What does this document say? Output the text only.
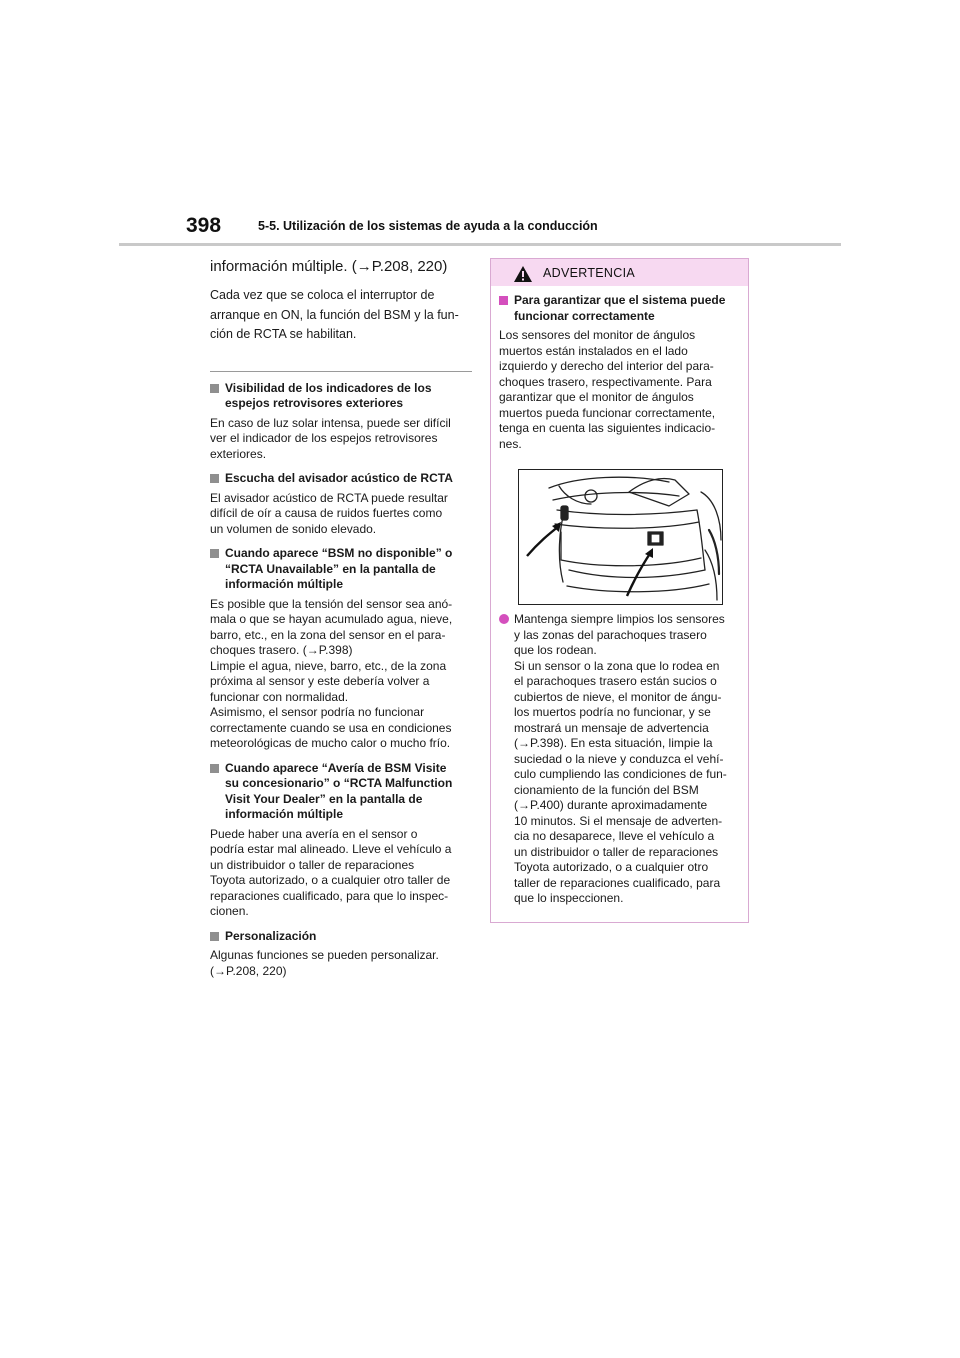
398	5-5. Utilización de los sistemas de ayuda a la conducción

información múltiple. (→P.208, 220)

Cada vez que se coloca el interruptor de
arranque en ON, la función del BSM y la fun-
ción de RCTA se habilitan.

Visibilidad de los indicadores de los
espejos retrovisores exteriores

En caso de luz solar intensa, puede ser difícil
ver el indicador de los espejos retrovisores
exteriores.

Escucha del avisador acústico de RCTA

El avisador acústico de RCTA puede resultar
difícil de oír a causa de ruidos fuertes como
un volumen de sonido elevado.

Cuando aparece “BSM no disponible” o
“RCTA Unavailable” en la pantalla de
información múltiple

Es posible que la tensión del sensor sea anó-
mala o que se hayan acumulado agua, nieve,
barro, etc., en la zona del sensor en el para-
choques trasero. (→P.398)
Limpie el agua, nieve, barro, etc., de la zona
próxima al sensor y este debería volver a
funcionar con normalidad.
Asimismo, el sensor podría no funcionar
correctamente cuando se usa en condiciones
meteorológicas de mucho calor o mucho frío.

Cuando aparece “Avería de BSM Visite
su concesionario” o “RCTA Malfunction
Visit Your Dealer” en la pantalla de
información múltiple

Puede haber una avería en el sensor o
podría estar mal alineado. Lleve el vehículo a
un distribuidor o taller de reparaciones
Toyota autorizado, o a cualquier otro taller de
reparaciones cualificado, para que lo inspec-
cionen.

Personalización

Algunas funciones se pueden personalizar.
(→P.208, 220)

ADVERTENCIA

Para garantizar que el sistema puede
funcionar correctamente

Los sensores del monitor de ángulos
muertos están instalados en el lado
izquierdo y derecho del interior del para-
choques trasero, respectivamente. Para
garantizar que el monitor de ángulos
muertos pueda funcionar correctamente,
tenga en cuenta las siguientes indicacio-
nes.

Mantenga siempre limpios los sensores
y las zonas del parachoques trasero
que los rodean.
Si un sensor o la zona que lo rodea en
el parachoques trasero están sucios o
cubiertos de nieve, el monitor de ángu-
los muertos podría no funcionar, y se
mostrará un mensaje de advertencia
(→P.398). En esta situación, limpie la
suciedad o la nieve y conduzca el vehí-
culo cumpliendo las condiciones de fun-
cionamiento de la función del BSM
(→P.400) durante aproximadamente
10 minutos. Si el mensaje de adverten-
cia no desaparece, lleve el vehículo a
un distribuidor o taller de reparaciones
Toyota autorizado, o a cualquier otro
taller de reparaciones cualificado, para
que lo inspeccionen.
